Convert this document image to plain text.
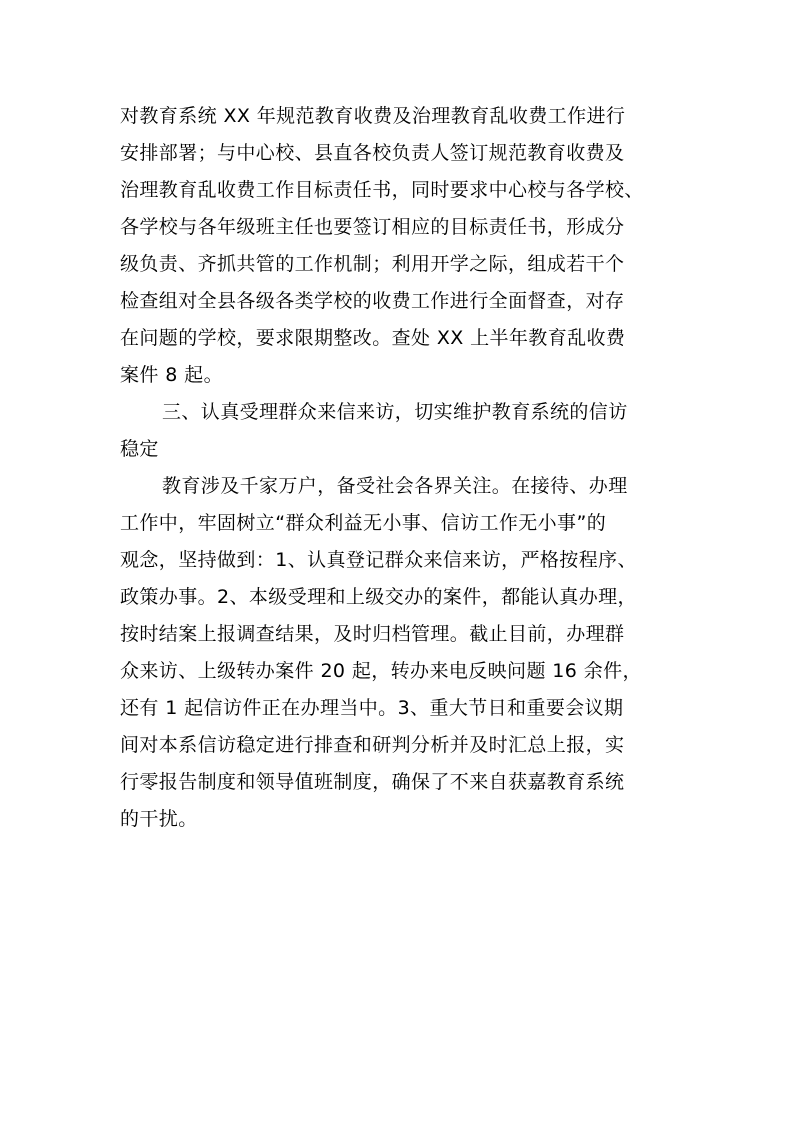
对教育系统 XX 年规范教育收费及治理教育乱收费工作进行
安排部署；与中心校、县直各校负责人签订规范教育收费及
治理教育乱收费工作目标责任书，同时要求中心校与各学校、
各学校与各年级班主任也要签订相应的目标责任书，形成分
级负责、齐抓共管的工作机制；利用开学之际，组成若干个
检查组对全县各级各类学校的收费工作进行全面督查，对存
在问题的学校，要求限期整改。查处 XX 上半年教育乱收费
案件 8 起。
三、认真受理群众来信来访，切实维护教育系统的信访
稳定
教育涉及千家万户，备受社会各界关注。在接待、办理
工作中，牢固树立“群众利益无小事、信访工作无小事”的
观念，坚持做到：1、认真登记群众来信来访，严格按程序、
政策办事。2、本级受理和上级交办的案件，都能认真办理，
按时结案上报调查结果，及时归档管理。截止目前，办理群
众来访、上级转办案件 20 起，转办来电反映问题 16 余件，
还有 1 起信访件正在办理当中。3、重大节日和重要会议期
间对本系信访稳定进行排查和研判分析并及时汇总上报，实
行零报告制度和领导值班制度，确保了不来自获嘉教育系统
的干扰。
